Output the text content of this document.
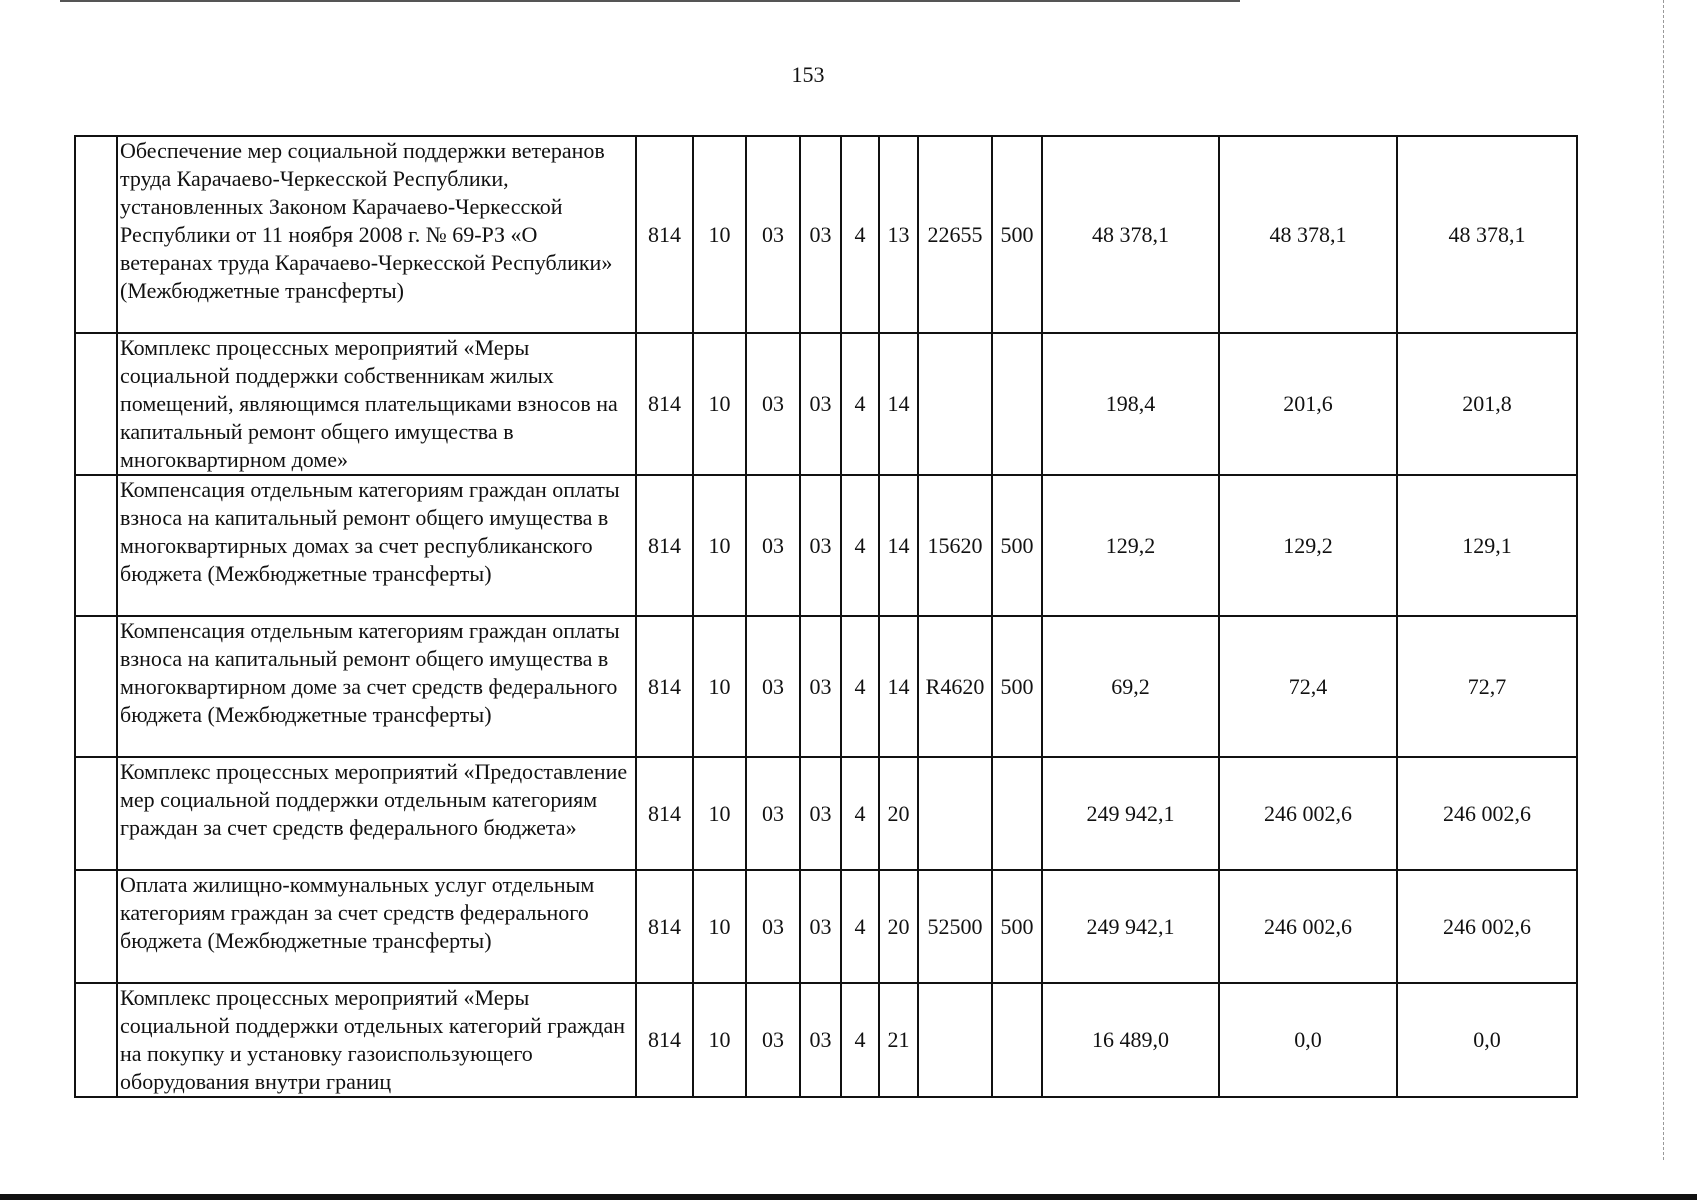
153
	Обеспечение мер социальной поддержки ветеранов труда Карачаево-Черкесской Республики, установленных Законом Карачаево-Черкесской Республики от 11 ноября 2008 г. № 69-РЗ «О ветеранах труда Карачаево-Черкесской Республики» (Межбюджетные трансферты)	814	10	03	03	4	13	22655	500	48 378,1	48 378,1	48 378,1
	Комплекс процессных мероприятий «Меры социальной поддержки собственникам жилых помещений, являющимся плательщиками взносов на капитальный ремонт общего имущества в многоквартирном доме»	814	10	03	03	4	14			198,4	201,6	201,8
	Компенсация отдельным категориям граждан оплаты взноса на капитальный ремонт общего имущества в многоквартирных домах за счет республиканского бюджета (Межбюджетные трансферты)	814	10	03	03	4	14	15620	500	129,2	129,2	129,1
	Компенсация отдельным категориям граждан оплаты взноса на капитальный ремонт общего имущества в многоквартирном доме за счет средств федерального бюджета (Межбюджетные трансферты)	814	10	03	03	4	14	R4620	500	69,2	72,4	72,7
	Комплекс процессных мероприятий «Предоставление мер социальной поддержки отдельным категориям граждан за счет средств федерального бюджета»	814	10	03	03	4	20			249 942,1	246 002,6	246 002,6
	Оплата жилищно-коммунальных услуг отдельным категориям граждан за счет средств федерального бюджета (Межбюджетные трансферты)	814	10	03	03	4	20	52500	500	249 942,1	246 002,6	246 002,6
	Комплекс процессных мероприятий «Меры социальной поддержки отдельных категорий граждан на покупку и установку газоиспользующего оборудования внутри границ	814	10	03	03	4	21			16 489,0	0,0	0,0
